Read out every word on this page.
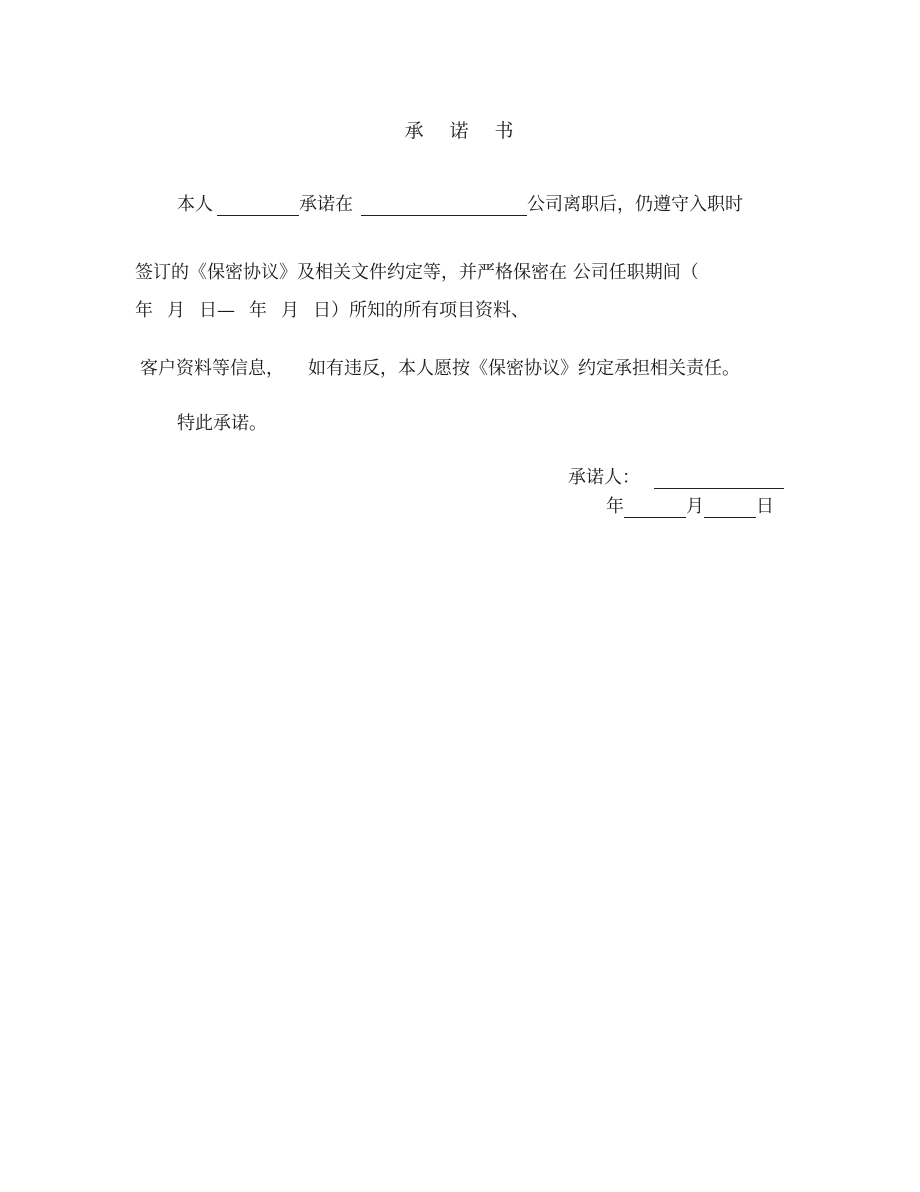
承 诺 书
本人	承诺在	公司离职后，仍遵守入职时
签订的《保密协议》及相关文件约定等，并严格保密在 公司任职期间（
年 月 日— 年 月 日）所知的所有项目资料、
客户资料等信息， 如有违反，本人愿按《保密协议》约定承担相关责任。
特此承诺。
承诺人：
年	月	日
